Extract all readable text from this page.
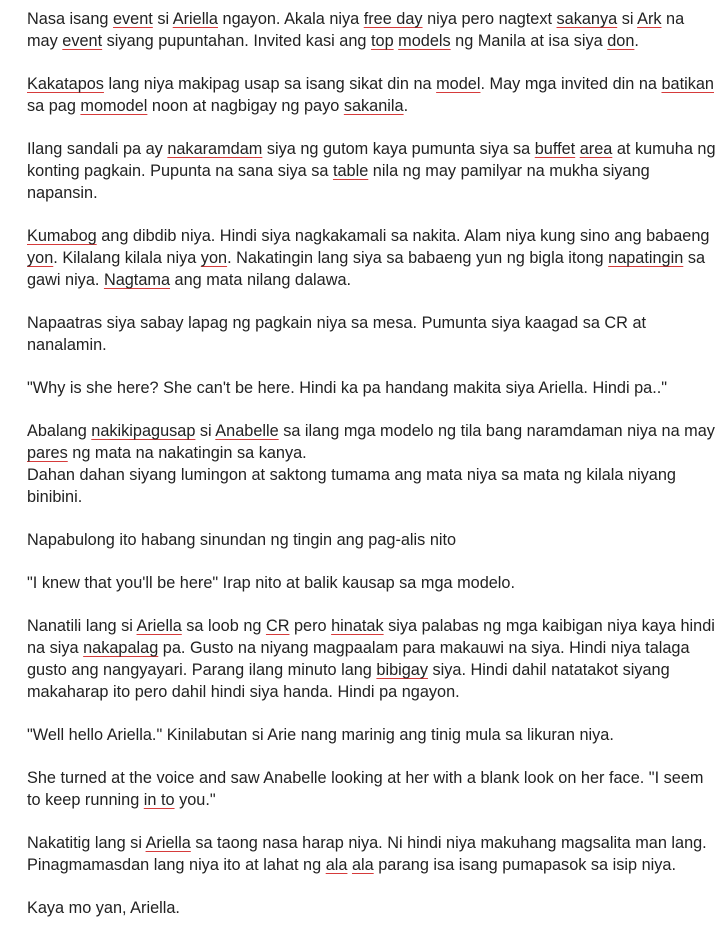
Nasa isang event si Ariella ngayon. Akala niya free day niya pero nagtext sakanya si Ark na
may event siyang pupuntahan. Invited kasi ang top models ng Manila at isa siya don.

Kakatapos lang niya makipag usap sa isang sikat din na model. May mga invited din na batikan
sa pag momodel noon at nagbigay ng payo sakanila.

Ilang sandali pa ay nakaramdam siya ng gutom kaya pumunta siya sa buffet area at kumuha ng
konting pagkain. Pupunta na sana siya sa table nila ng may pamilyar na mukha siyang
napansin.

Kumabog ang dibdib niya. Hindi siya nagkakamali sa nakita. Alam niya kung sino ang babaeng
yon. Kilalang kilala niya yon. Nakatingin lang siya sa babaeng yun ng bigla itong napatingin sa
gawi niya. Nagtama ang mata nilang dalawa.

Napaatras siya sabay lapag ng pagkain niya sa mesa. Pumunta siya kaagad sa CR at
nanalamin.

"Why is she here? She can't be here. Hindi ka pa handang makita siya Ariella. Hindi pa.."

Abalang nakikipagusap si Anabelle sa ilang mga modelo ng tila bang naramdaman niya na may
pares ng mata na nakatingin sa kanya.
Dahan dahan siyang lumingon at saktong tumama ang mata niya sa mata ng kilala niyang
binibini.

Napabulong ito habang sinundan ng tingin ang pag-alis nito

"I knew that you'll be here" Irap nito at balik kausap sa mga modelo.

Nanatili lang si Ariella sa loob ng CR pero hinatak siya palabas ng mga kaibigan niya kaya hindi
na siya nakapalag pa. Gusto na niyang magpaalam para makauwi na siya. Hindi niya talaga
gusto ang nangyayari. Parang ilang minuto lang bibigay siya. Hindi dahil natatakot siyang
makaharap ito pero dahil hindi siya handa. Hindi pa ngayon.

"Well hello Ariella." Kinilabutan si Arie nang marinig ang tinig mula sa likuran niya.

She turned at the voice and saw Anabelle looking at her with a blank look on her face. "I seem
to keep running in to you."

Nakatitig lang si Ariella sa taong nasa harap niya. Ni hindi niya makuhang magsalita man lang.
Pinagmamasdan lang niya ito at lahat ng ala ala parang isa isang pumapasok sa isip niya.

Kaya mo yan, Ariella.
